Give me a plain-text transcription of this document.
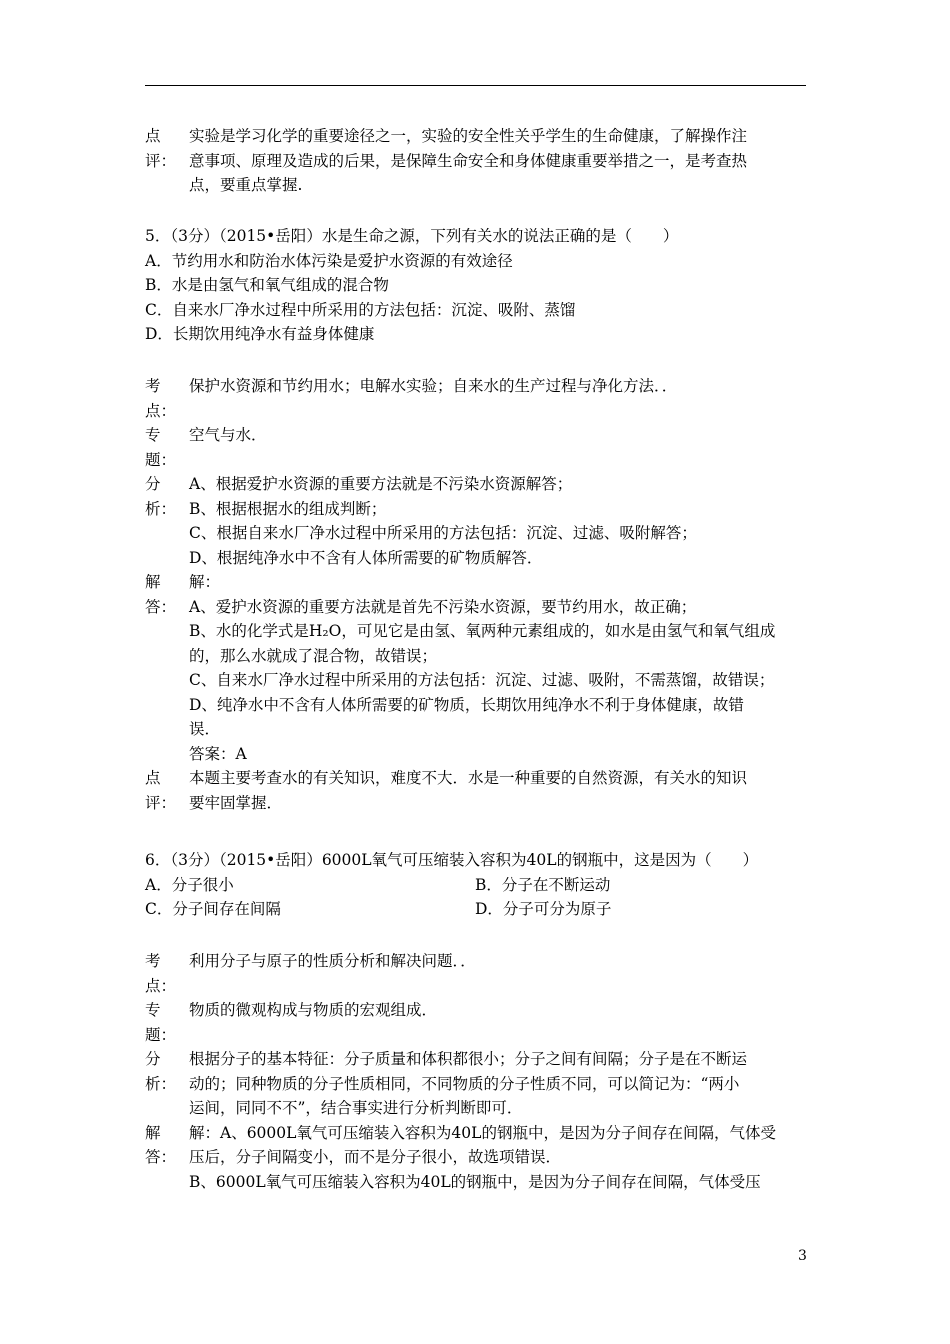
点
评：
实验是学习化学的重要途径之一，实验的安全性关乎学生的生命健康，了解操作注
意事项、原理及造成的后果，是保障生命安全和身体健康重要举措之一，是考查热
点，要重点掌握.
5．（3分）（2015•岳阳）水是生命之源，下列有关水的说法正确的是（　　）
A．节约用水和防治水体污染是爱护水资源的有效途径
B．水是由氢气和氧气组成的混合物
C．自来水厂净水过程中所采用的方法包括：沉淀、吸附、蒸馏
D．长期饮用纯净水有益身体健康
考
点：
保护水资源和节约用水；电解水实验；自来水的生产过程与净化方法．．
专
题：
空气与水．
分
析：
A、根据爱护水资源的重要方法就是不污染水资源解答；
B、根据根据水的组成判断；
C、根据自来水厂净水过程中所采用的方法包括：沉淀、过滤、吸附解答；
D、根据纯净水中不含有人体所需要的矿物质解答．
解
答：
解：
A、爱护水资源的重要方法就是首先不污染水资源，要节约用水，故正确；
B、水的化学式是H₂O，可见它是由氢、氧两种元素组成的，如水是由氢气和氧气组成
的，那么水就成了混合物，故错误；
C、自来水厂净水过程中所采用的方法包括：沉淀、过滤、吸附，不需蒸馏，故错误；
D、纯净水中不含有人体所需要的矿物质，长期饮用纯净水不利于身体健康，故错
误．
答案：A
点
评：
本题主要考查水的有关知识，难度不大．水是一种重要的自然资源，有关水的知识
要牢固掌握．
6．（3分）（2015•岳阳）6000L氧气可压缩装入容积为40L的钢瓶中，这是因为（　　）
A．分子很小	B．分子在不断运动
C．分子间存在间隔	D．分子可分为原子
考
点：
利用分子与原子的性质分析和解决问题．．
专
题：
物质的微观构成与物质的宏观组成．
分
析：
根据分子的基本特征：分子质量和体积都很小；分子之间有间隔；分子是在不断运
动的；同种物质的分子性质相同，不同物质的分子性质不同，可以简记为：“两小
运间，同同不不”，结合事实进行分析判断即可．
解
答：
解：A、6000L氧气可压缩装入容积为40L的钢瓶中，是因为分子间存在间隔，气体受
压后，分子间隔变小，而不是分子很小，故选项错误．
B、6000L氧气可压缩装入容积为40L的钢瓶中，是因为分子间存在间隔，气体受压
3
